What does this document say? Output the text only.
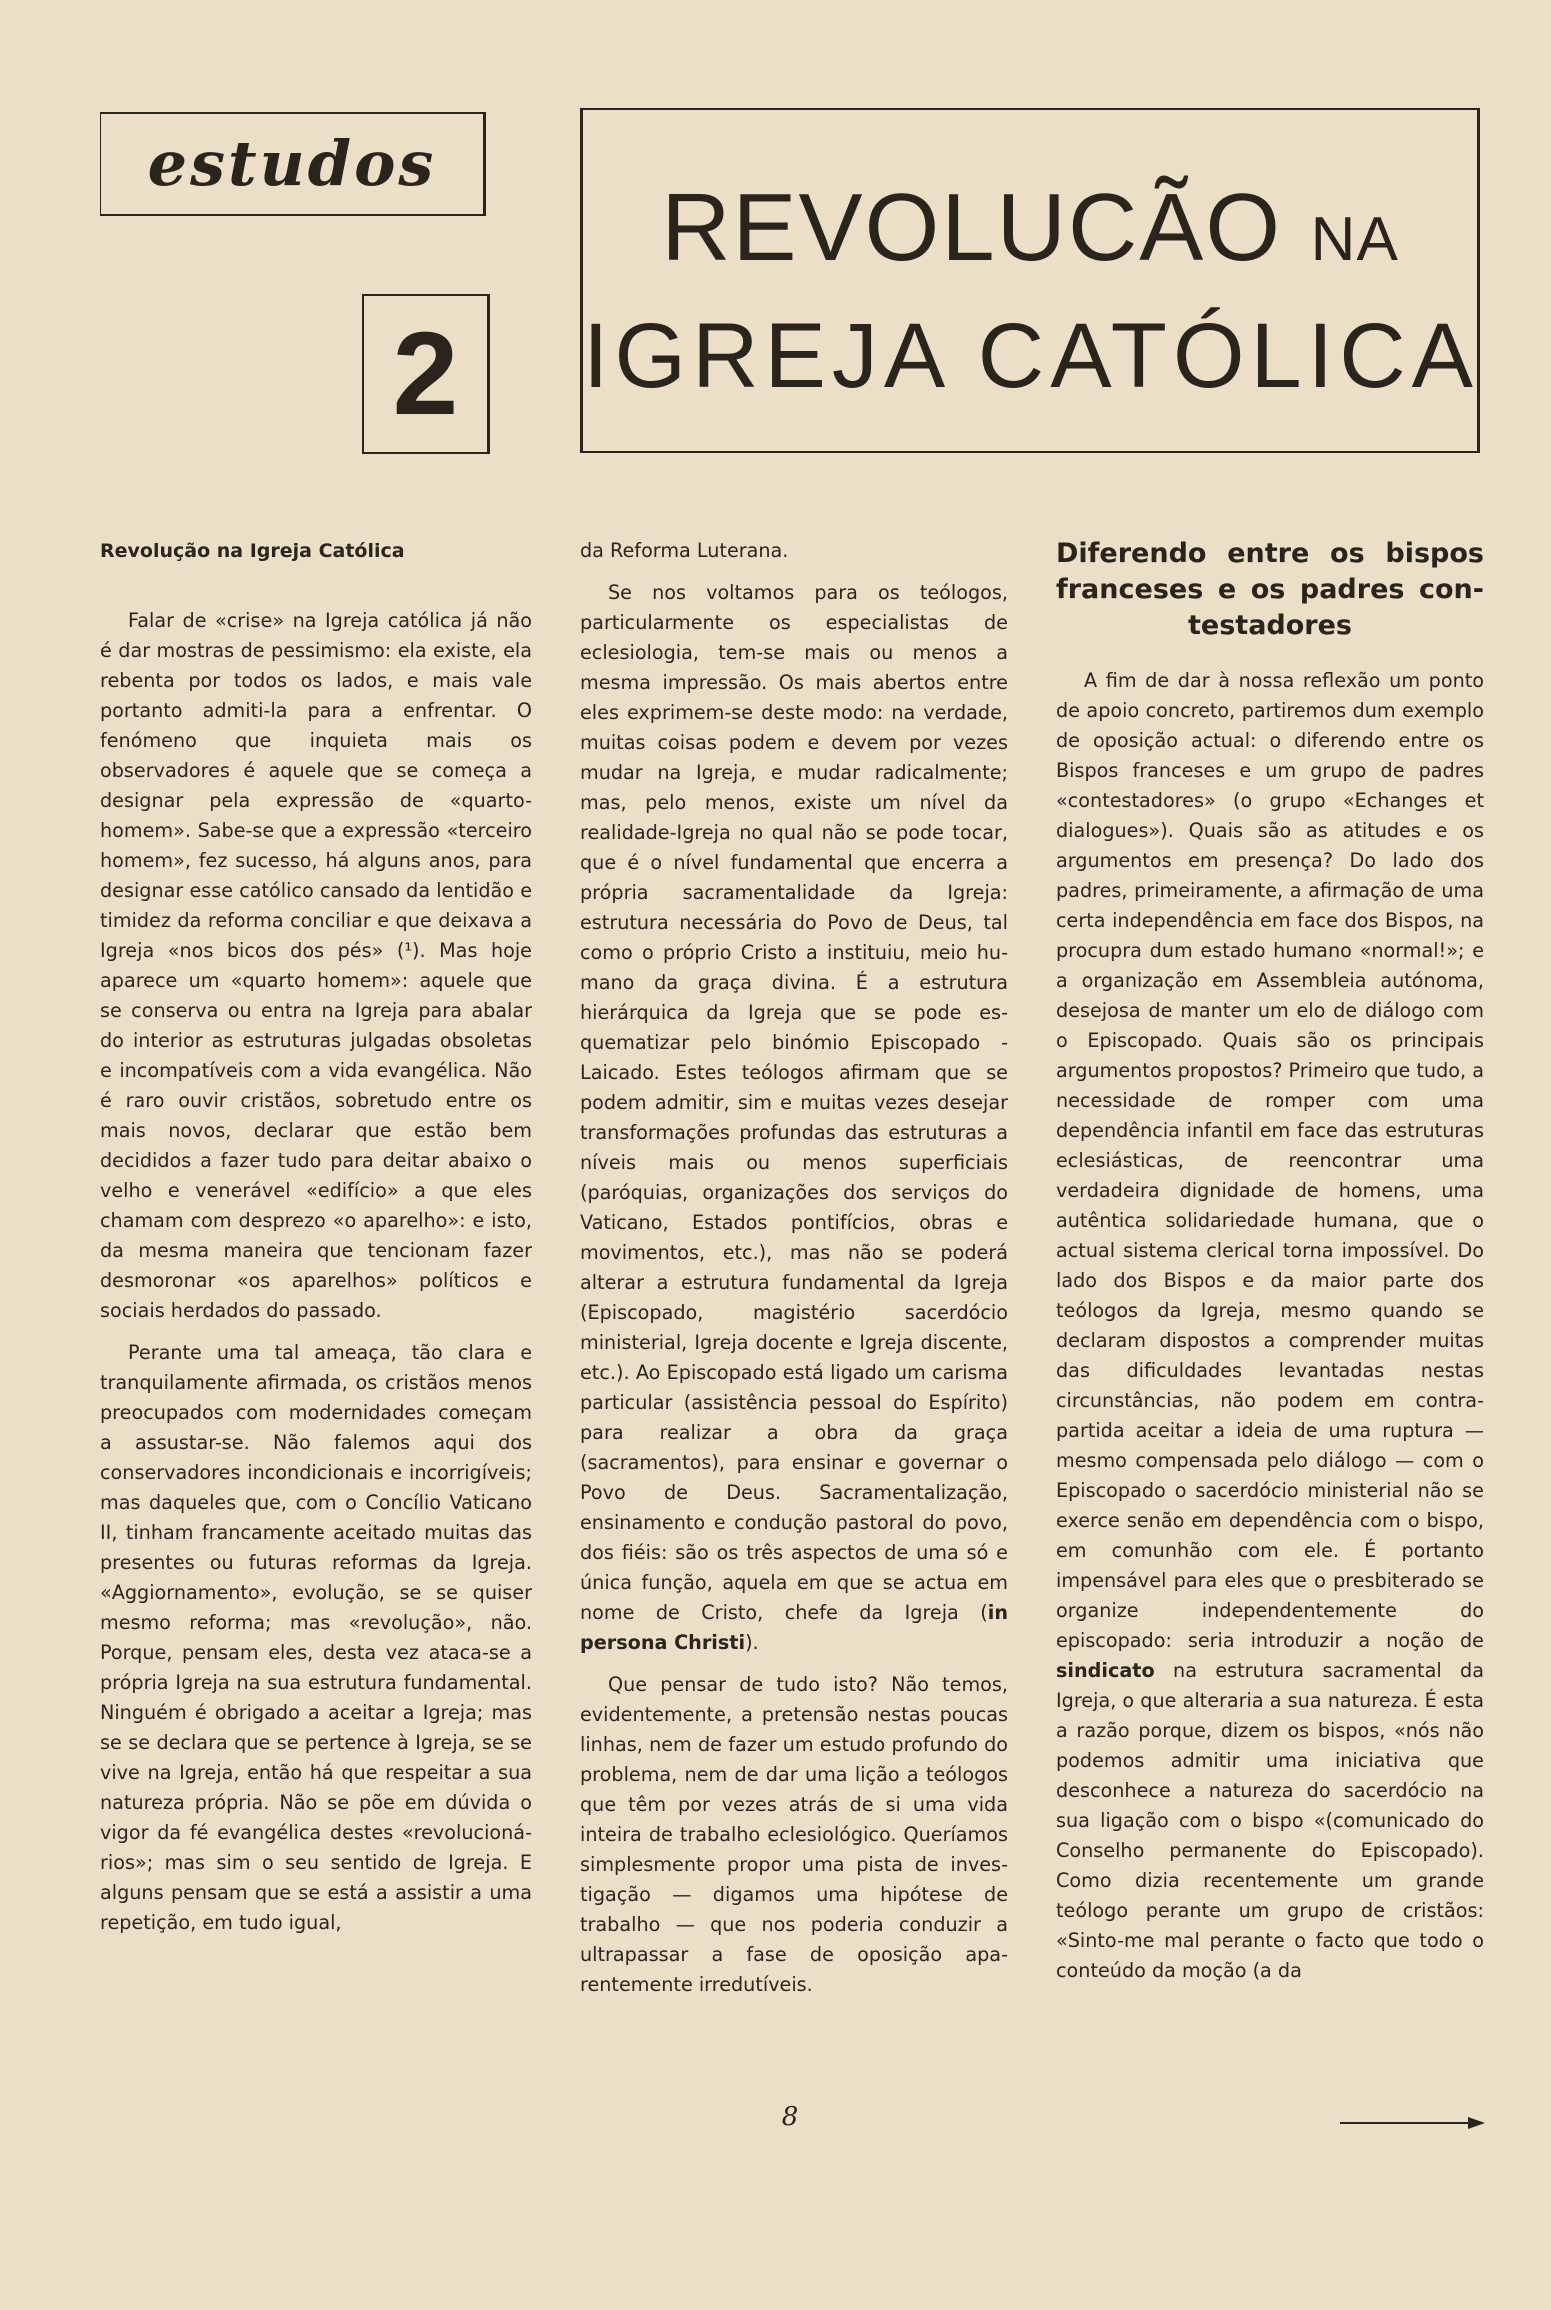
estudos
2
REVOLUCÃO NA
IGREJA CATÓLICA
Revolução na Igreja Católica

Falar de «crise» na Igreja católica já não é dar mostras de pessimismo: ela existe, ela rebenta por todos os lados, e mais vale portanto admiti-la para a enfrentar. O fenómeno que inquieta mais os observadores é aquele que se começa a designar pela expressão de «quarto-homem». Sabe-se que a expressão «terceiro homem», fez sucesso, há alguns anos, para designar esse católico cansado da lentidão e timidez da reforma conciliar e que deixava a Igreja «nos bicos dos pés» (¹). Mas hoje aparece um «quarto homem»: aquele que se conserva ou entra na Igreja para abalar do interior as estruturas julgadas obsoletas e incompatíveis com a vida evangélica. Não é raro ouvir cristãos, sobretudo entre os mais novos, declarar que estão bem decididos a fazer tudo para deitar abaixo o velho e venerável «edifício» a que eles chamam com desprezo «o aparelho»: e isto, da mesma maneira que tencionam fazer desmoronar «os aparelhos» políticos e sociais herdados do passado.

Perante uma tal ameaça, tão clara e tranquilamente afirmada, os cristãos menos preocupados com modernidades começam a assustar-se. Não falemos aqui dos conservadores incondicionais e incorrigíveis; mas daqueles que, com o Concílio Vaticano II, tinham francamente aceitado muitas das presentes ou futuras reformas da Igreja. «Aggiornamento», evolução, se se quiser mesmo reforma; mas «revolução», não. Porque, pensam eles, desta vez ataca-se a própria Igreja na sua estrutura fundamental. Ninguém é obrigado a aceitar a Igreja; mas se se declara que se pertence à Igreja, se se vive na Igreja, então há que respeitar a sua natureza própria. Não se põe em dúvida o vigor da fé evangélica destes «revolucionários»; mas sim o seu sentido de Igreja. E alguns pensam que se está a assistir a uma repetição, em tudo igual,

da Reforma Luterana.

Se nos voltamos para os teólogos, particularmente os especialistas de eclesiologia, tem-se mais ou menos a mesma impressão. Os mais abertos entre eles exprimem-se deste modo: na verdade, muitas coisas podem e devem por vezes mudar na Igreja, e mudar radicalmente; mas, pelo menos, existe um nível da realidade-Igreja no qual não se pode tocar, que é o nível fundamental que encerra a própria sacramentalidade da Igreja: estrutura necessária do Povo de Deus, tal como o próprio Cristo a instituiu, meio humano da graça divina. É a estrutura hierárquica da Igreja que se pode esquematizar pelo binómio Episcopado - Laicado. Estes teólogos afirmam que se podem admitir, sim e muitas vezes desejar transformações profundas das estruturas a níveis mais ou menos superficiais (paróquias, organizações dos serviços do Vaticano, Estados pontifícios, obras e movimentos, etc.), mas não se poderá alterar a estrutura fundamental da Igreja (Episcopado, magistério sacerdócio ministerial, Igreja docente e Igreja discente, etc.). Ao Episcopado está ligado um carisma particular (assistência pessoal do Espírito) para realizar a obra da graça (sacramentos), para ensinar e governar o Povo de Deus. Sacramentalização, ensinamento e condução pastoral do povo, dos fiéis: são os três aspectos de uma só e única função, aquela em que se actua em nome de Cristo, chefe da Igreja (in persona Christi).

Que pensar de tudo isto? Não temos, evidentemente, a pretensão nestas poucas linhas, nem de fazer um estudo profundo do problema, nem de dar uma lição a teólogos que têm por vezes atrás de si uma vida inteira de trabalho eclesiológico. Queríamos simplesmente propor uma pista de investigação — digamos uma hipótese de trabalho — que nos poderia conduzir a ultrapassar a fase de oposição aparentemente irredutíveis.

Diferendo entre os bispos franceses e os padres contestadores

A fim de dar à nossa reflexão um ponto de apoio concreto, partiremos dum exemplo de oposição actual: o diferendo entre os Bispos franceses e um grupo de padres «contestadores» (o grupo «Echanges et dialogues»). Quais são as atitudes e os argumentos em presença? Do lado dos padres, primeiramente, a afirmação de uma certa independência em face dos Bispos, na procupra dum estado humano «normal!»; e a organização em Assembleia autónoma, desejosa de manter um elo de diálogo com o Episcopado. Quais são os principais argumentos propostos? Primeiro que tudo, a necessidade de romper com uma dependência infantil em face das estruturas eclesiásticas, de reencontrar uma verdadeira dignidade de homens, uma autêntica solidariedade humana, que o actual sistema clerical torna impossível. Do lado dos Bispos e da maior parte dos teólogos da Igreja, mesmo quando se declaram dispostos a comprender muitas das dificuldades levantadas nestas circunstâncias, não podem em contrapartida aceitar a ideia de uma ruptura — mesmo compensada pelo diálogo — com o Episcopado o sacerdócio ministerial não se exerce senão em dependência com o bispo, em comunhão com ele. É portanto impensável para eles que o presbiterado se organize independentemente do episcopado: seria introduzir a noção de sindicato na estrutura sacramental da Igreja, o que alteraria a sua natureza. É esta a razão porque, dizem os bispos, «nós não podemos admitir uma iniciativa que desconhece a natureza do sacerdócio na sua ligação com o bispo «(comunicado do Conselho permanente do Episcopado). Como dizia recentemente um grande teólogo perante um grupo de cristãos: «Sinto-me mal perante o facto que todo o conteúdo da moção (a da

8
